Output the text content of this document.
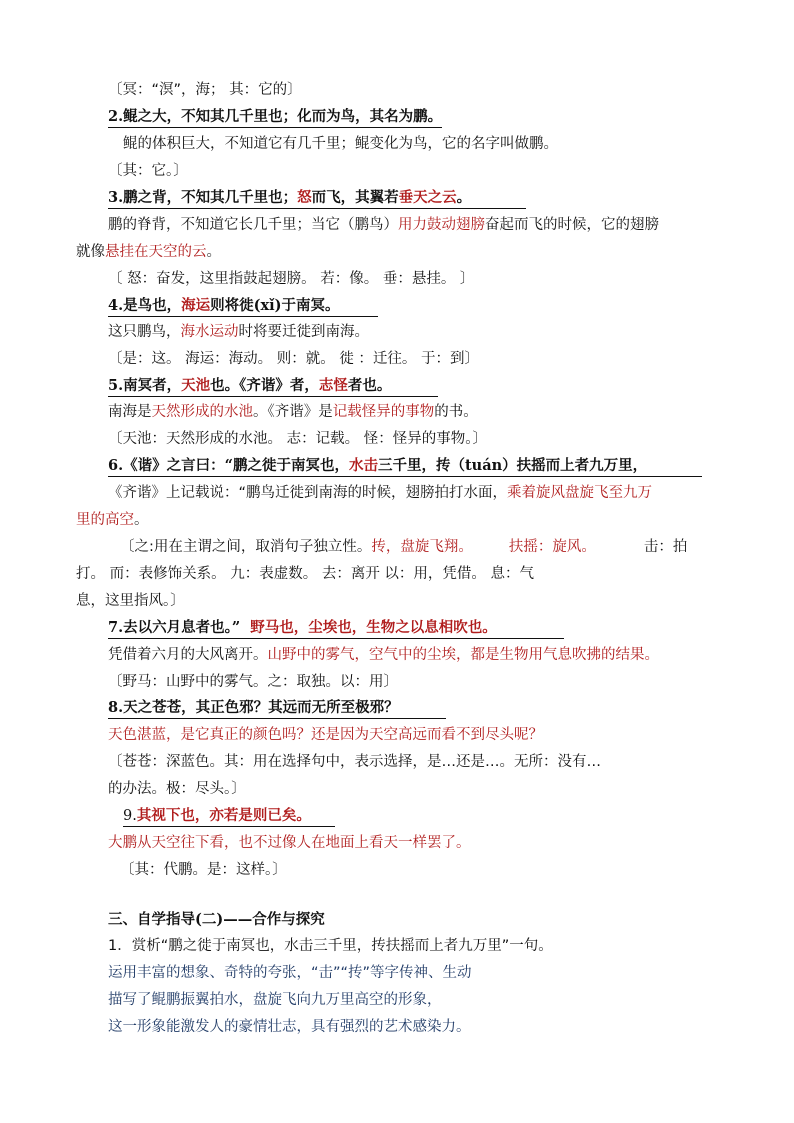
〔冥：“溟”，海； 其：它的〕
2.鲲之大，不知其几千里也；化而为鸟，其名为鹏。
鲲的体积巨大，不知道它有几千里；鲲变化为鸟，它的名字叫做鹏。
〔其：它。〕
3.鹏之背，不知其几千里也；怒而飞，其翼若垂天之云。
鹏的脊背，不知道它长几千里；当它（鹏鸟）用力鼓动翅膀奋起而飞的时候，它的翅膀
就像悬挂在天空的云。
〔 怒：奋发，这里指鼓起翅膀。 若：像。 垂：悬挂。 〕
4.是鸟也，海运则将徙(xǐ)于南冥。
这只鹏鸟，海水运动时将要迁徙到南海。
〔是：这。 海运：海动。 则：就。 徙 ：迁往。 于：到〕
5.南冥者，天池也。《齐谐》者，志怪者也。
南海是天然形成的水池。《齐谐》是记载怪异的事物的书。
〔天池：天然形成的水池。 志：记载。 怪：怪异的事物。〕
6.《谐》之言曰：“鹏之徙于南冥也，水击三千里，抟（tuán）扶摇而上者九万里，
《齐谐》上记载说：“鹏鸟迁徙到南海的时候，翅膀拍打水面，乘着旋风盘旋飞至九万
里的高空。
〔之:用在主谓之间，取消句子独立性。抟，盘旋飞翔。 扶摇：旋风。	击：拍
打。 而：表修饰关系。 九：表虚数。 去：离开 以：用，凭借。 息：气
息，这里指风。〕
7.去以六月息者也。” 野马也，尘埃也，生物之以息相吹也。
凭借着六月的大风离开。山野中的雾气，空气中的尘埃，都是生物用气息吹拂的结果。
〔野马：山野中的雾气。之：取独。以：用〕
8.天之苍苍，其正色邪？其远而无所至极邪？
天色湛蓝，是它真正的颜色吗？还是因为天空高远而看不到尽头呢？
〔苍苍：深蓝色。其：用在选择句中，表示选择，是…还是…。无所：没有…
的办法。极：尽头。〕
9.其视下也，亦若是则已矣。
大鹏从天空往下看，也不过像人在地面上看天一样罢了。
〔其：代鹏。是：这样。〕
三、自学指导(二)——合作与探究
1．赏析“鹏之徙于南冥也，水击三千里，抟扶摇而上者九万里”一句。
运用丰富的想象、奇特的夸张，“击”“抟”等字传神、生动
描写了鲲鹏振翼拍水，盘旋飞向九万里高空的形象，
这一形象能激发人的豪情壮志，具有强烈的艺术感染力。
